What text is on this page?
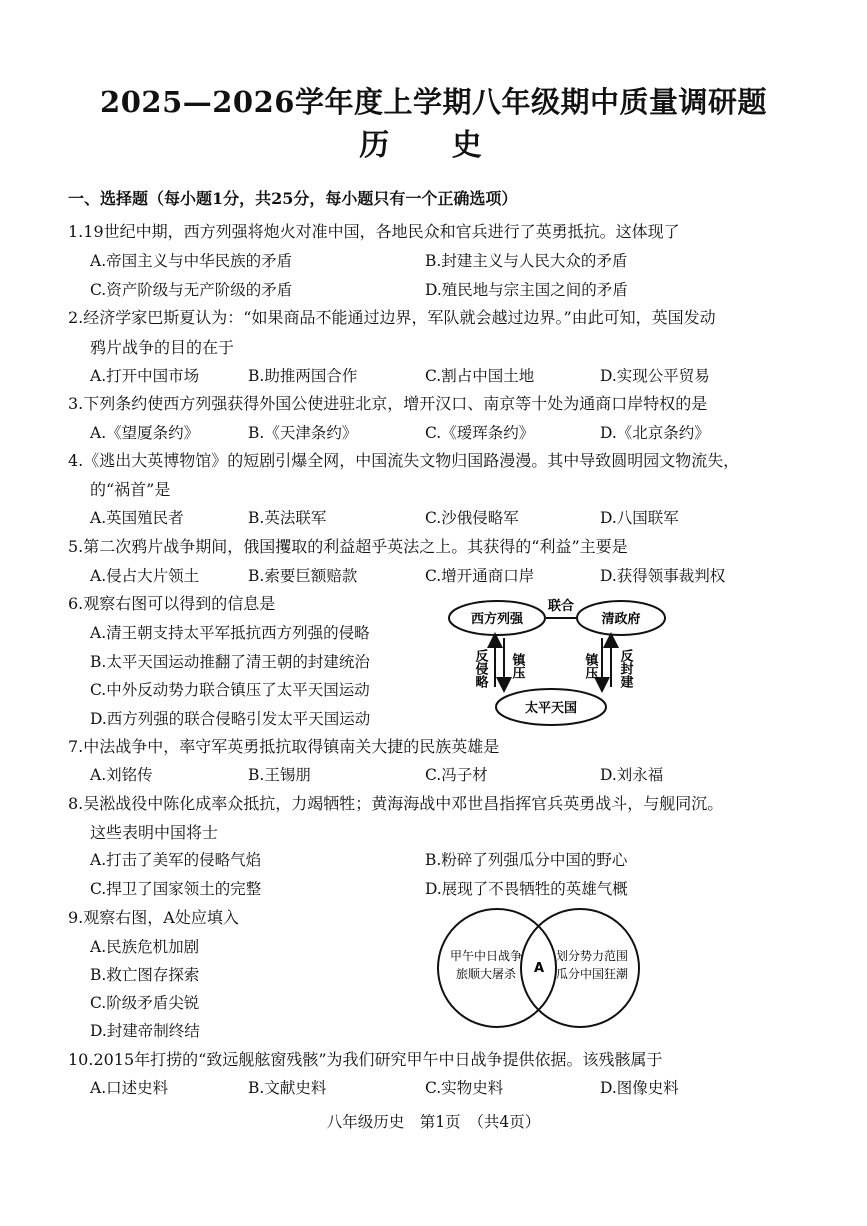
2025—2026学年度上学期八年级期中质量调研题
历 史
一、选择题（每小题1分，共25分，每小题只有一个正确选项）
1.19世纪中期，西方列强将炮火对准中国，各地民众和官兵进行了英勇抵抗。这体现了
A.帝国主义与中华民族的矛盾	B.封建主义与人民大众的矛盾
C.资产阶级与无产阶级的矛盾	D.殖民地与宗主国之间的矛盾
2.经济学家巴斯夏认为：“如果商品不能通过边界，军队就会越过边界。”由此可知，英国发动
鸦片战争的目的在于
A.打开中国市场	B.助推两国合作	C.割占中国土地	D.实现公平贸易
3.下列条约使西方列强获得外国公使进驻北京，增开汉口、南京等十处为通商口岸特权的是
A.《望厦条约》	B.《天津条约》	C.《瑷珲条约》	D.《北京条约》
4.《逃出大英博物馆》的短剧引爆全网，中国流失文物归国路漫漫。其中导致圆明园文物流失，
的“祸首”是
A.英国殖民者	B.英法联军	C.沙俄侵略军	D.八国联军
5.第二次鸦片战争期间，俄国攫取的利益超乎英法之上。其获得的“利益”主要是
A.侵占大片领土	B.索要巨额赔款	C.增开通商口岸	D.获得领事裁判权
6.观察右图可以得到的信息是
A.清王朝支持太平军抵抗西方列强的侵略
B.太平天国运动推翻了清王朝的封建统治
C.中外反动势力联合镇压了太平天国运动
D.西方列强的联合侵略引发太平天国运动
联合
西方列强	清政府
太平天国
反侵略 镇压	镇压 反封建
7.中法战争中，率守军英勇抵抗取得镇南关大捷的民族英雄是
A.刘铭传	B.王锡朋	C.冯子材	D.刘永福
8.吴淞战役中陈化成率众抵抗，力竭牺牲；黄海海战中邓世昌指挥官兵英勇战斗，与舰同沉。
这些表明中国将士
A.打击了美军的侵略气焰	B.粉碎了列强瓜分中国的野心
C.捍卫了国家领土的完整	D.展现了不畏牺牲的英雄气概
9.观察右图，A处应填入
A.民族危机加剧
B.救亡图存探索
C.阶级矛盾尖锐
D.封建帝制终结
甲午中日战争
旅顺大屠杀 A
划分势力范围
瓜分中国狂潮
10.2015年打捞的“致远舰舷窗残骸”为我们研究甲午中日战争提供依据。该残骸属于
A.口述史料	B.文献史料	C.实物史料	D.图像史料
八年级历史　第1页　（共4页）
